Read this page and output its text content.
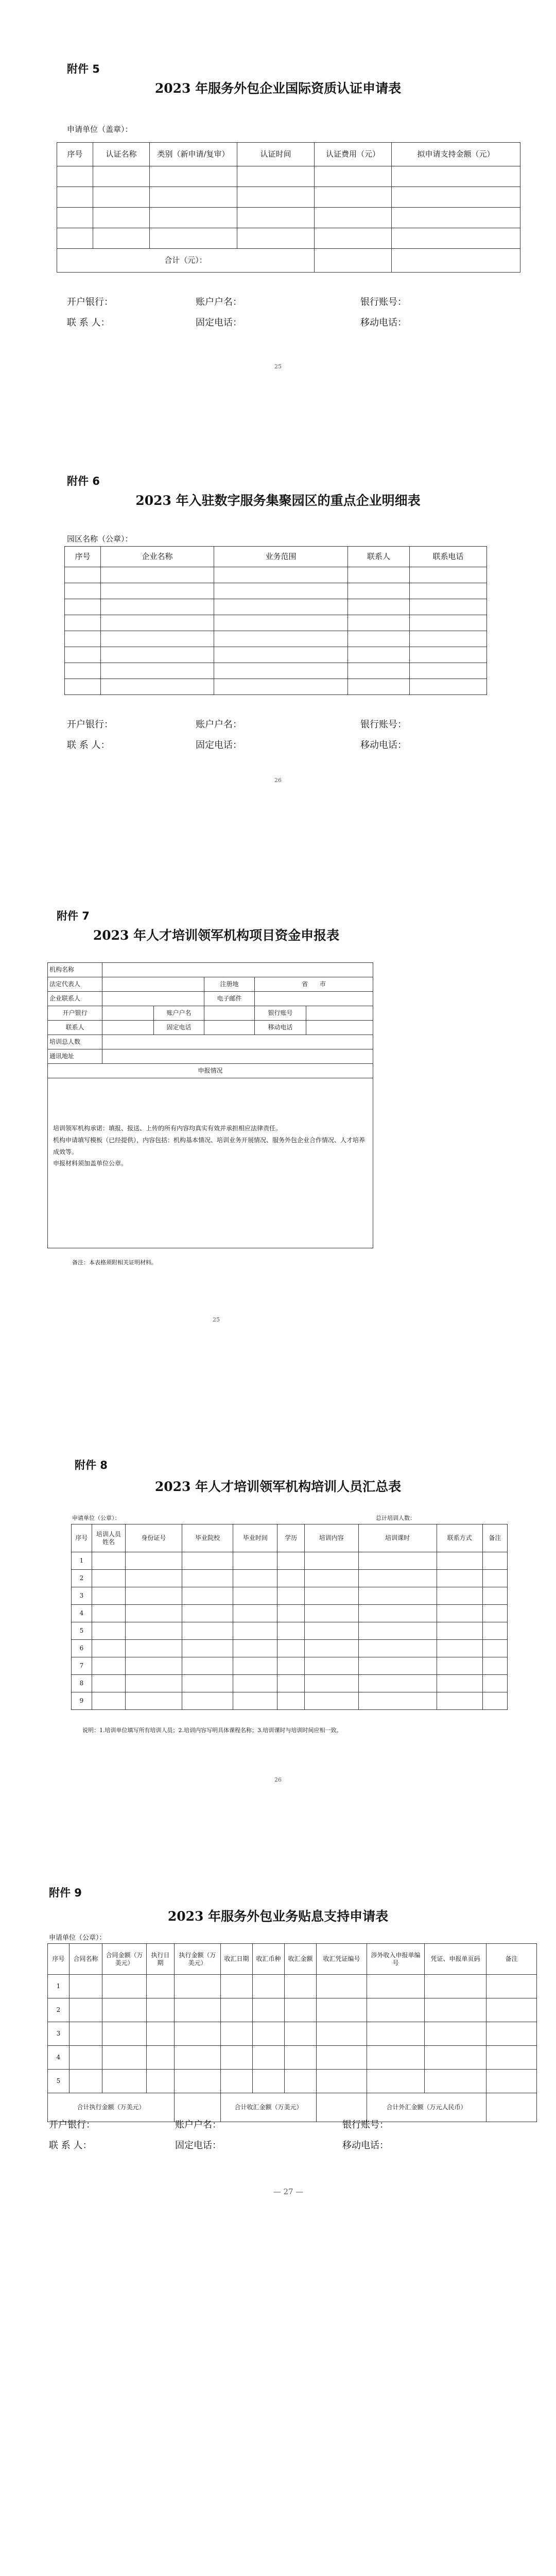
附件 5
2023 年服务外包企业国际资质认证申请表
申请单位（盖章）：
序号	认证名称	类别（新申请/复审）	认证时间	认证费用（元）	拟申请支持金额（元）

合计（元）：					
开户银行：	账户户名：	银行账号：
联 系 人：	固定电话：	移动电话：
25
附件 6
2023 年入驻数字服务集聚园区的重点企业明细表
园区名称（公章）：
序号	企业名称	业务范围	联系人	联系电话

开户银行：	账户户名：	银行账号：
联 系 人：	固定电话：	移动电话：
26
附件 7
2023 年人才培训领军机构项目资金申报表
机构名称					
法定代表人			注册地	省 市	
企业联系人			电子邮件		
开户银行		账户户名		银行账号	
联系人		固定电话		移动电话	
培训总人数					
通讯地址					
申报情况					

培训领军机构承诺：填报、报送、上传的所有内容均真实有效并承担相应法律责任。
机构申请填写模板（已经提供），内容包括：机构基本情况、培训业务开展情况、服务外包企业合作情况、人才培养成效等。
申报材料须加盖单位公章。					
备注：本表格须附相关证明材料。
25
附件 8
2023 年人才培训领军机构培训人员汇总表
申请单位（公章）：	总计培训人数：
序号	培训人员姓名	身份证号	毕业院校	毕业时间	学历	培训内容	培训课时	联系方式	备注
1									
2									
3									
4									
5									
6									
7									
8									
9									
说明：1.培训单位填写所有培训人员；2.培训内容写明具体课程名称；3.培训课时与培训时间应相一致。
26
附件 9
2023 年服务外包业务贴息支持申请表
申请单位（公章）：
序号	合同名称	合同金额（万美元）	执行日期	执行金额（万美元）	收汇日期	收汇币种	收汇金额	收汇凭证编号	涉外收入申报单编号	凭证、申报单页码	备注
1											
2											
3											
4											
5											
合计执行金额（万美元）					合计收汇金额（万美元）				合计外汇金额（万元人民币）		
开户银行：	账户户名：	银行账号：
联 系 人：	固定电话：	移动电话：
— 27 —
